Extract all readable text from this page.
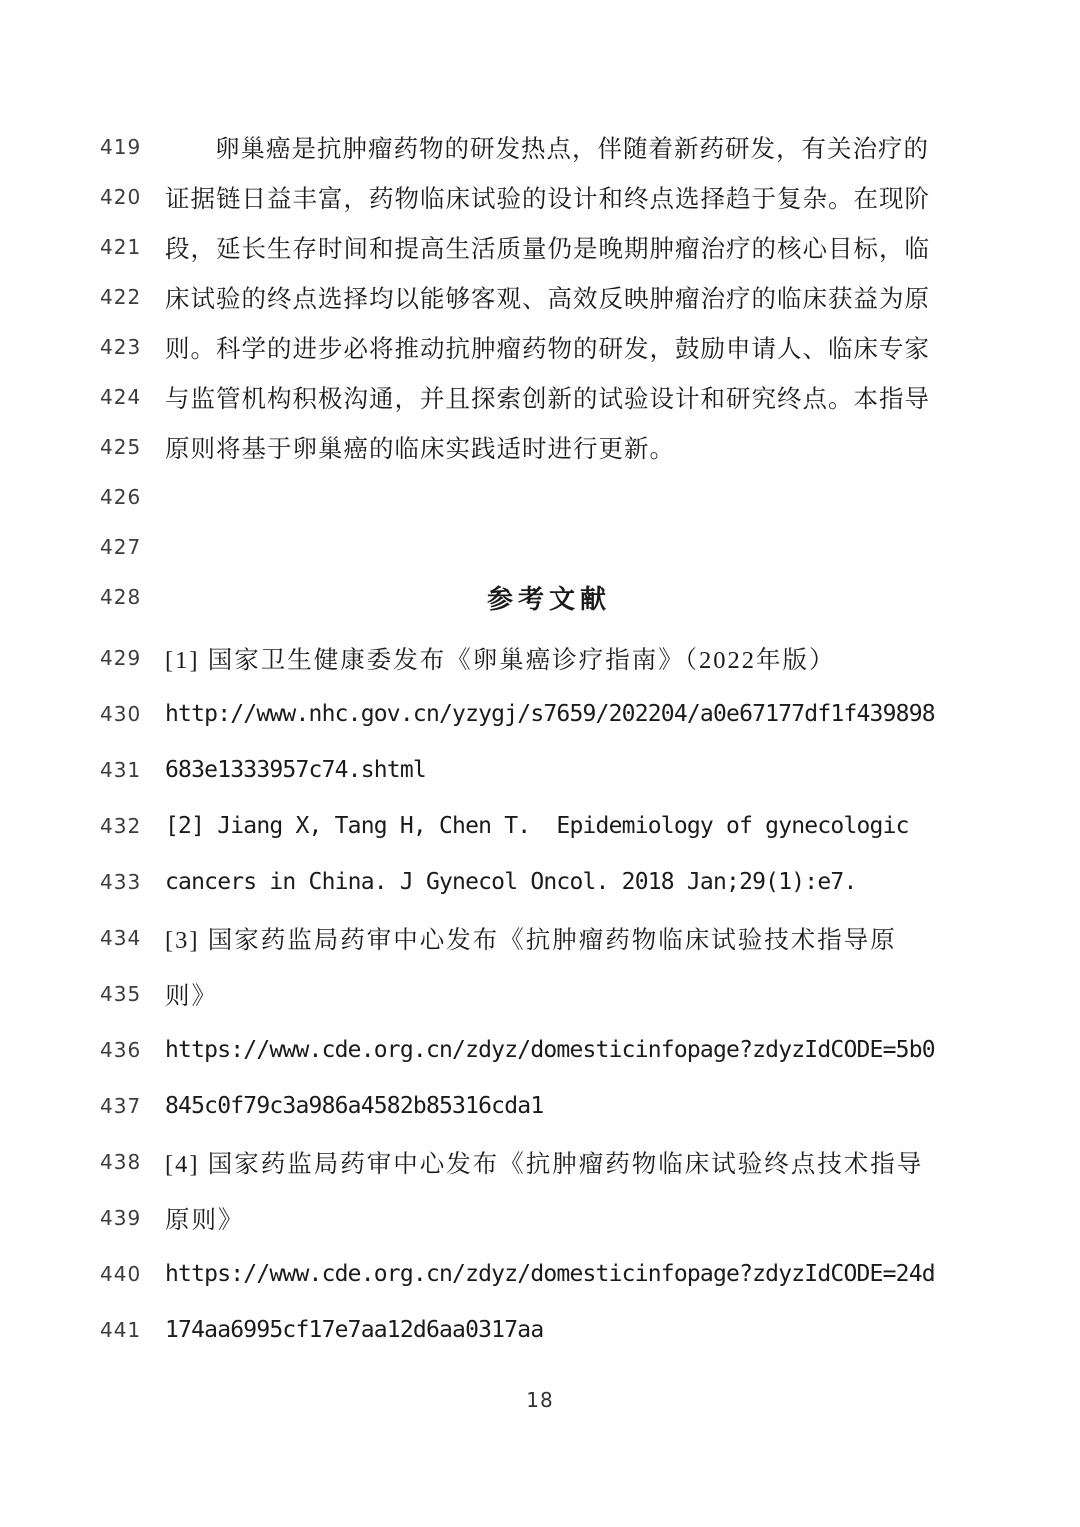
419	卵巢癌是抗肿瘤药物的研发热点，伴随着新药研发，有关治疗的
420 证据链日益丰富，药物临床试验的设计和终点选择趋于复杂。在现阶
421 段，延长生存时间和提高生活质量仍是晚期肿瘤治疗的核心目标，临
422 床试验的终点选择均以能够客观、高效反映肿瘤治疗的临床获益为原
423 则。科学的进步必将推动抗肿瘤药物的研发，鼓励申请人、临床专家
424 与监管机构积极沟通，并且探索创新的试验设计和研究终点。本指导
425 原则将基于卵巢癌的临床实践适时进行更新。
426
427
428	参考文献
429 [1] 国家卫生健康委发布《卵巢癌诊疗指南》（2022年版）
430	http://www.nhc.gov.cn/yzygj/s7659/202204/a0e67177df1f439898
431	683e1333957c74.shtml
432	[2] Jiang X, Tang H, Chen T.  Epidemiology of gynecologic
433	cancers in China. J Gynecol Oncol. 2018 Jan;29(1):e7.
434 [3] 国家药监局药审中心发布《抗肿瘤药物临床试验技术指导原
435 则》
436	https://www.cde.org.cn/zdyz/domesticinfopage?zdyzIdCODE=5b0
437	845c0f79c3a986a4582b85316cda1
438 [4] 国家药监局药审中心发布《抗肿瘤药物临床试验终点技术指导
439 原则》
440	https://www.cde.org.cn/zdyz/domesticinfopage?zdyzIdCODE=24d
441	174aa6995cf17e7aa12d6aa0317aa
18
